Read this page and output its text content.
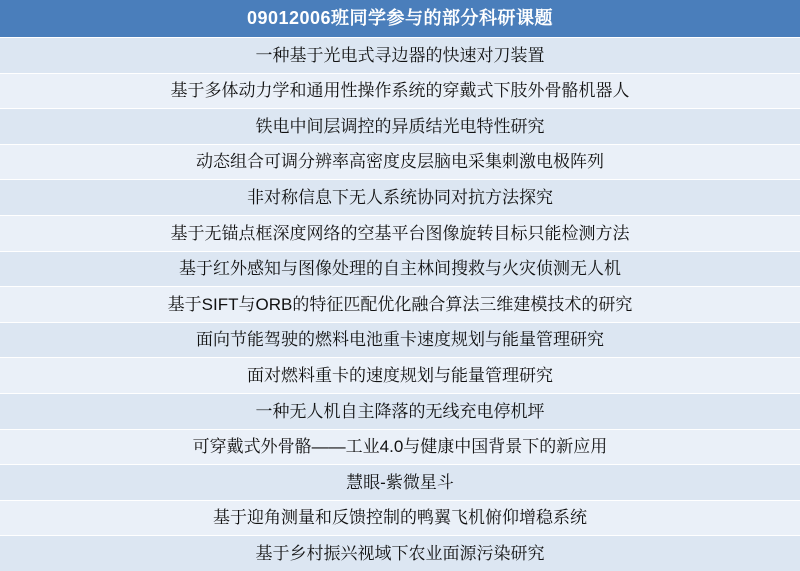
09012006班同学参与的部分科研课题
一种基于光电式寻边器的快速对刀装置
基于多体动力学和通用性操作系统的穿戴式下肢外骨骼机器人
铁电中间层调控的异质结光电特性研究
动态组合可调分辨率高密度皮层脑电采集刺激电极阵列
非对称信息下无人系统协同对抗方法探究
基于无锚点框深度网络的空基平台图像旋转目标只能检测方法
基于红外感知与图像处理的自主林间搜救与火灾侦测无人机
基于SIFT与ORB的特征匹配优化融合算法三维建模技术的研究
面向节能驾驶的燃料电池重卡速度规划与能量管理研究
面对燃料重卡的速度规划与能量管理研究
一种无人机自主降落的无线充电停机坪
可穿戴式外骨骼——工业4.0与健康中国背景下的新应用
慧眼-紫微星斗
基于迎角测量和反馈控制的鸭翼飞机俯仰增稳系统
基于乡村振兴视域下农业面源污染研究
